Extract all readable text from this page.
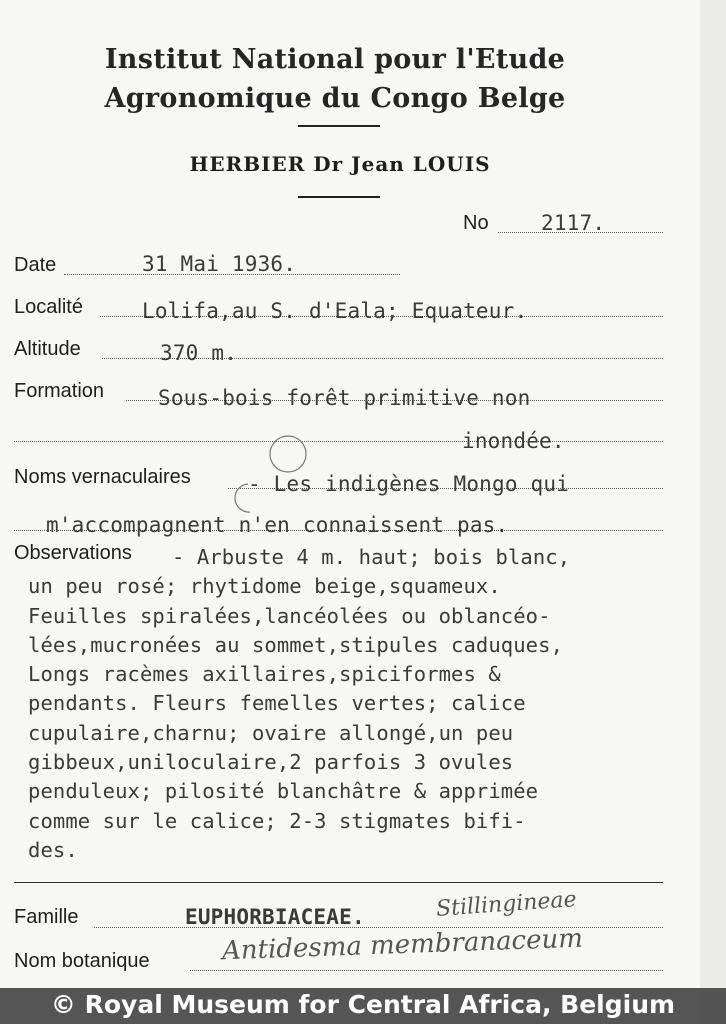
Institut National pour l'Etude
Agronomique du Congo Belge
HERBIER Dr Jean LOUIS
No 2117.
Date	31 Mai 1936.
Localité	Lolifa,au S. d'Eala; Equateur.
Altitude	370 m.
Formation	Sous-bois forêt primitive non
inondée.
Noms vernaculaires	- Les indigènes Mongo qui
m'accompagnent n'en connaissent pas.
Observations	- Arbuste 4 m. haut; bois blanc,
un peu rosé; rhytidome beige,squameux.
Feuilles spiralées,lancéolées ou oblancéo-
lées,mucronées au sommet,stipules caduques,
Longs racèmes axillaires,spiciformes &
pendants. Fleurs femelles vertes; calice
cupulaire,charnu; ovaire allongé,un peu
gibbeux,uniloculaire,2 parfois 3 ovules
penduleux; pilosité blanchâtre & apprimée
comme sur le calice; 2-3 stigmates bifi-
des.
Famille	EUPHORBIACEAE.	Stillingineae
Nom botanique	Antidesma membranaceum
© Royal Museum for Central Africa, Belgium
